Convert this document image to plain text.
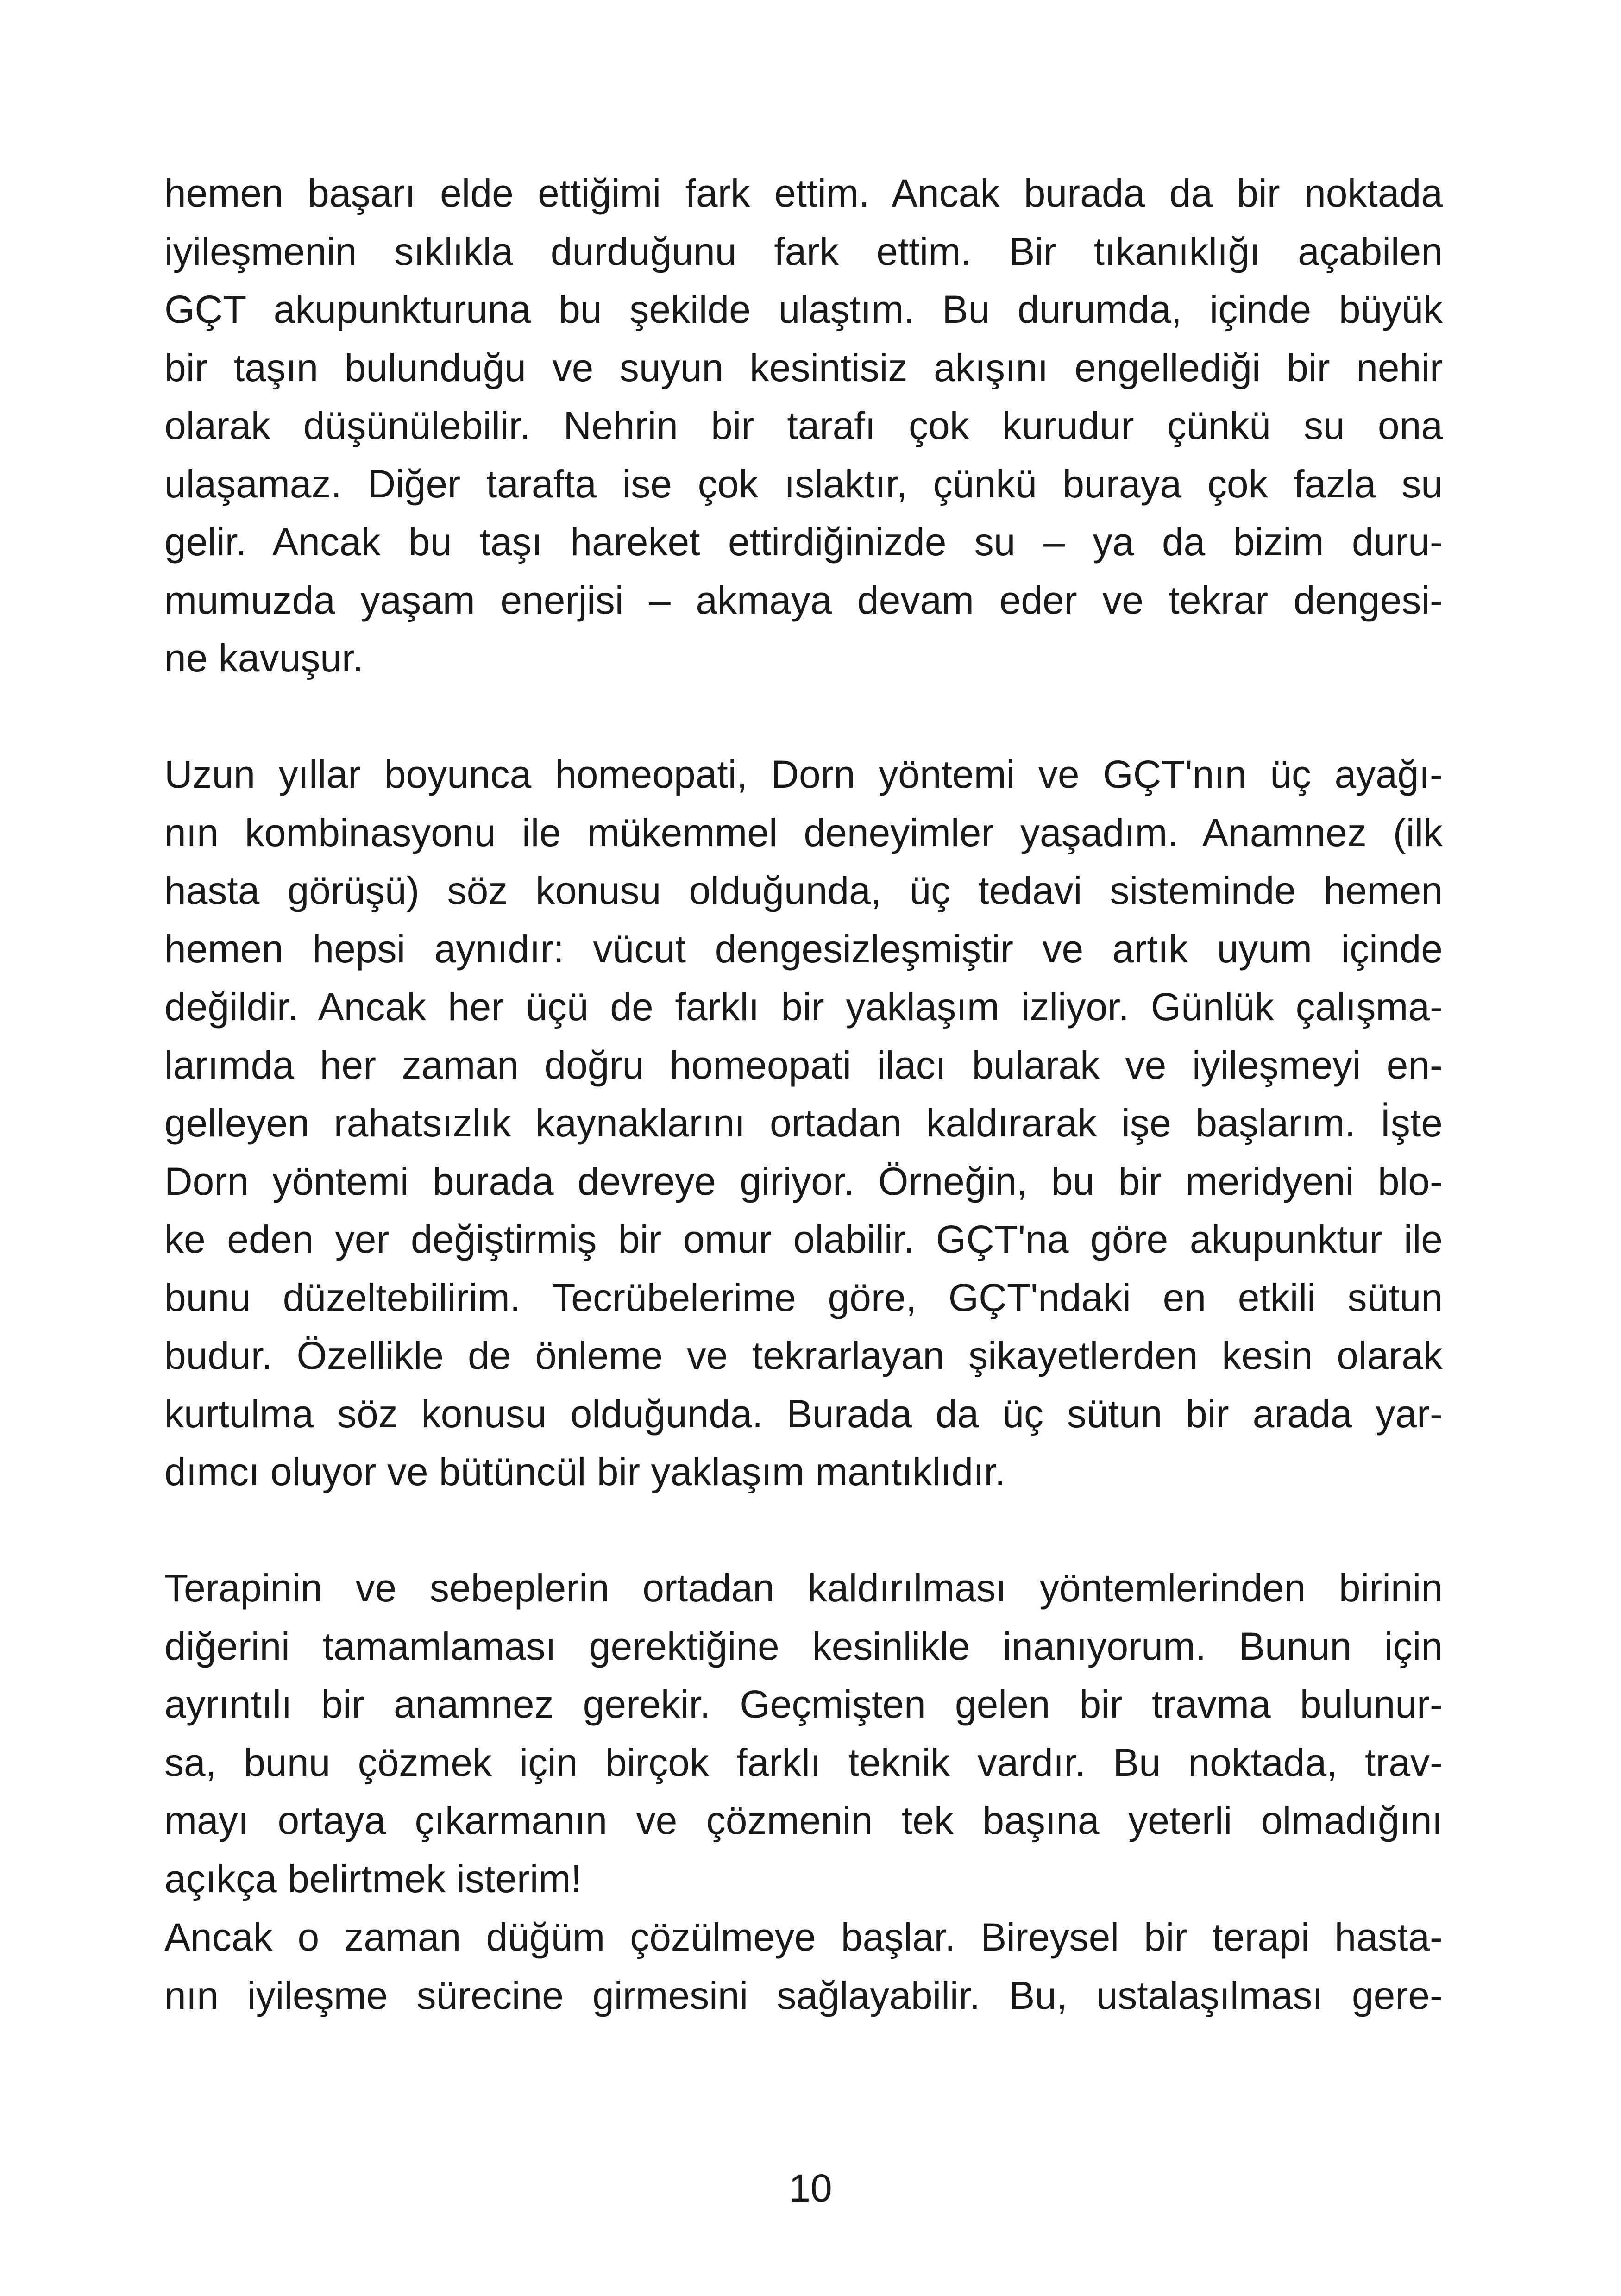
hemen başarı elde ettiğimi fark ettim. Ancak burada da bir noktada
iyileşmenin sıklıkla durduğunu fark ettim. Bir tıkanıklığı açabilen
GÇT akupunkturuna bu şekilde ulaştım. Bu durumda, içinde büyük
bir taşın bulunduğu ve suyun kesintisiz akışını engellediği bir nehir
olarak düşünülebilir. Nehrin bir tarafı çok kurudur çünkü su ona
ulaşamaz. Diğer tarafta ise çok ıslaktır, çünkü buraya çok fazla su
gelir. Ancak bu taşı hareket ettirdiğinizde su – ya da bizim duru-
mumuzda yaşam enerjisi – akmaya devam eder ve tekrar dengesi-
ne kavuşur.
Uzun yıllar boyunca homeopati, Dorn yöntemi ve GÇT'nın üç ayağı-
nın kombinasyonu ile mükemmel deneyimler yaşadım. Anamnez (ilk
hasta görüşü) söz konusu olduğunda, üç tedavi sisteminde hemen
hemen hepsi aynıdır: vücut dengesizleşmiştir ve artık uyum içinde
değildir. Ancak her üçü de farklı bir yaklaşım izliyor. Günlük çalışma-
larımda her zaman doğru homeopati ilacı bularak ve iyileşmeyi en-
gelleyen rahatsızlık kaynaklarını ortadan kaldırarak işe başlarım. İşte
Dorn yöntemi burada devreye giriyor. Örneğin, bu bir meridyeni blo-
ke eden yer değiştirmiş bir omur olabilir. GÇT'na göre akupunktur ile
bunu düzeltebilirim. Tecrübelerime göre, GÇT'ndaki en etkili sütun
budur. Özellikle de önleme ve tekrarlayan şikayetlerden kesin olarak
kurtulma söz konusu olduğunda. Burada da üç sütun bir arada yar-
dımcı oluyor ve bütüncül bir yaklaşım mantıklıdır.
Terapinin ve sebeplerin ortadan kaldırılması yöntemlerinden birinin
diğerini tamamlaması gerektiğine kesinlikle inanıyorum. Bunun için
ayrıntılı bir anamnez gerekir. Geçmişten gelen bir travma bulunur-
sa, bunu çözmek için birçok farklı teknik vardır. Bu noktada, trav-
mayı ortaya çıkarmanın ve çözmenin tek başına yeterli olmadığını
açıkça belirtmek isterim!
Ancak o zaman düğüm çözülmeye başlar. Bireysel bir terapi hasta-
nın iyileşme sürecine girmesini sağlayabilir. Bu, ustalaşılması gere-
10
